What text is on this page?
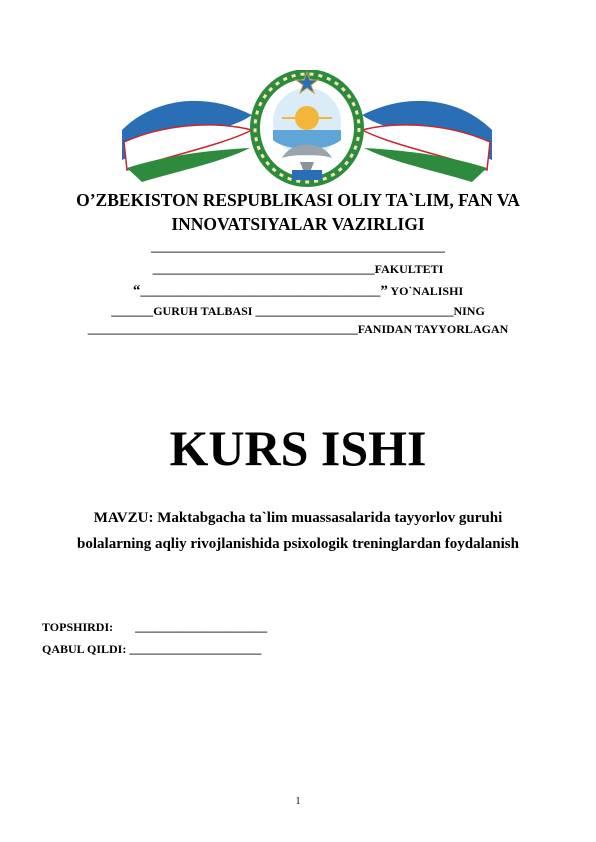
O’ZBEKISTON RESPUBLIKASI OLIY TA`LIM, FAN VA
INNOVATSIYALAR VAZIRLIGI
_________________________________________________
_____________________________________FAKULTETI
“________________________________________” YO`NALISHI
_______GURUH TALBASI _________________________________NING
_____________________________________________FANIDAN TAYYORLAGAN
KURS ISHI
MAVZU: Maktabgacha ta`lim muassasalarida tayyorlov guruhi
bolalarning aqliy rivojlanishida psixologik treninglardan foydalanish
TOPSHIRDI: ______________________
QABUL QILDI: ______________________
1
